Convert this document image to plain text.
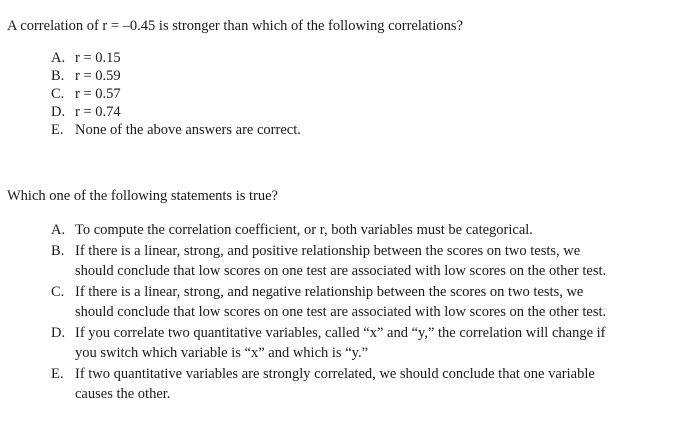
A correlation of r = –0.45 is stronger than which of the following correlations?

A. r = 0.15
B. r = 0.59
C. r = 0.57
D. r = 0.74
E. None of the above answers are correct.

Which one of the following statements is true?

A. To compute the correlation coefficient, or r, both variables must be categorical.
B. If there is a linear, strong, and positive relationship between the scores on two tests, we should conclude that low scores on one test are associated with low scores on the other test.
C. If there is a linear, strong, and negative relationship between the scores on two tests, we should conclude that low scores on one test are associated with low scores on the other test.
D. If you correlate two quantitative variables, called “x” and “y,” the correlation will change if you switch which variable is “x” and which is “y.”
E. If two quantitative variables are strongly correlated, we should conclude that one variable causes the other.
